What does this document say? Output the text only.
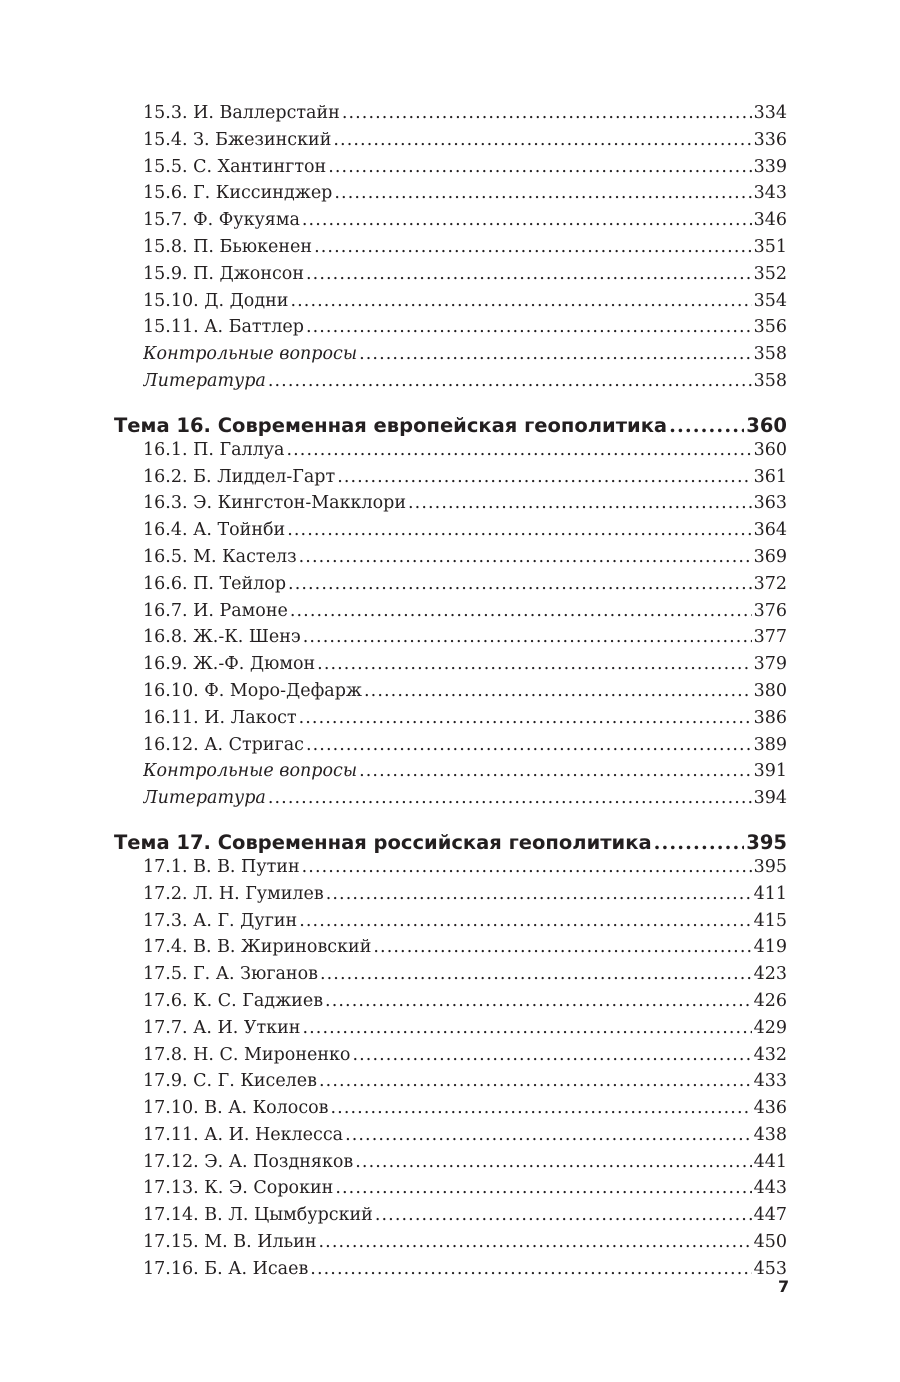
15.3. И. Валлерстайн .....	334
15.4. З. Бжезинский .....	336
15.5. С. Хантингтон .....	339
15.6. Г. Киссинджер .....	343
15.7. Ф. Фукуяма .....	346
15.8. П. Бьюкенен .....	351
15.9. П. Джонсон .....	352
15.10. Д. Додни .....	354
15.11. А. Баттлер .....	356
Контрольные вопросы .....	358
Литература .....	358
Тема 16. Современная европейская геополитика .....	360
16.1. П. Галлуа .....	360
16.2. Б. Лиддел-Гарт .....	361
16.3. Э. Кингстон-Макклори .....	363
16.4. А. Тойнби .....	364
16.5. М. Кастелз .....	369
16.6. П. Тейлор .....	372
16.7. И. Рамоне .....	376
16.8. Ж.-К. Шенэ .....	377
16.9. Ж.-Ф. Дюмон .....	379
16.10. Ф. Моро-Дефарж .....	380
16.11. И. Лакост .....	386
16.12. А. Стригас .....	389
Контрольные вопросы .....	391
Литература .....	394
Тема 17. Современная российская геополитика .....	395
17.1. В. В. Путин .....	395
17.2. Л. Н. Гумилев .....	411
17.3. А. Г. Дугин .....	415
17.4. В. В. Жириновский .....	419
17.5. Г. А. Зюганов .....	423
17.6. К. С. Гаджиев .....	426
17.7. А. И. Уткин .....	429
17.8. Н. С. Мироненко .....	432
17.9. С. Г. Киселев .....	433
17.10. В. А. Колосов .....	436
17.11. А. И. Неклесса .....	438
17.12. Э. А. Поздняков .....	441
17.13. К. Э. Сорокин .....	443
17.14. В. Л. Цымбурский .....	447
17.15. М. В. Ильин .....	450
17.16. Б. А. Исаев .....	453
7
